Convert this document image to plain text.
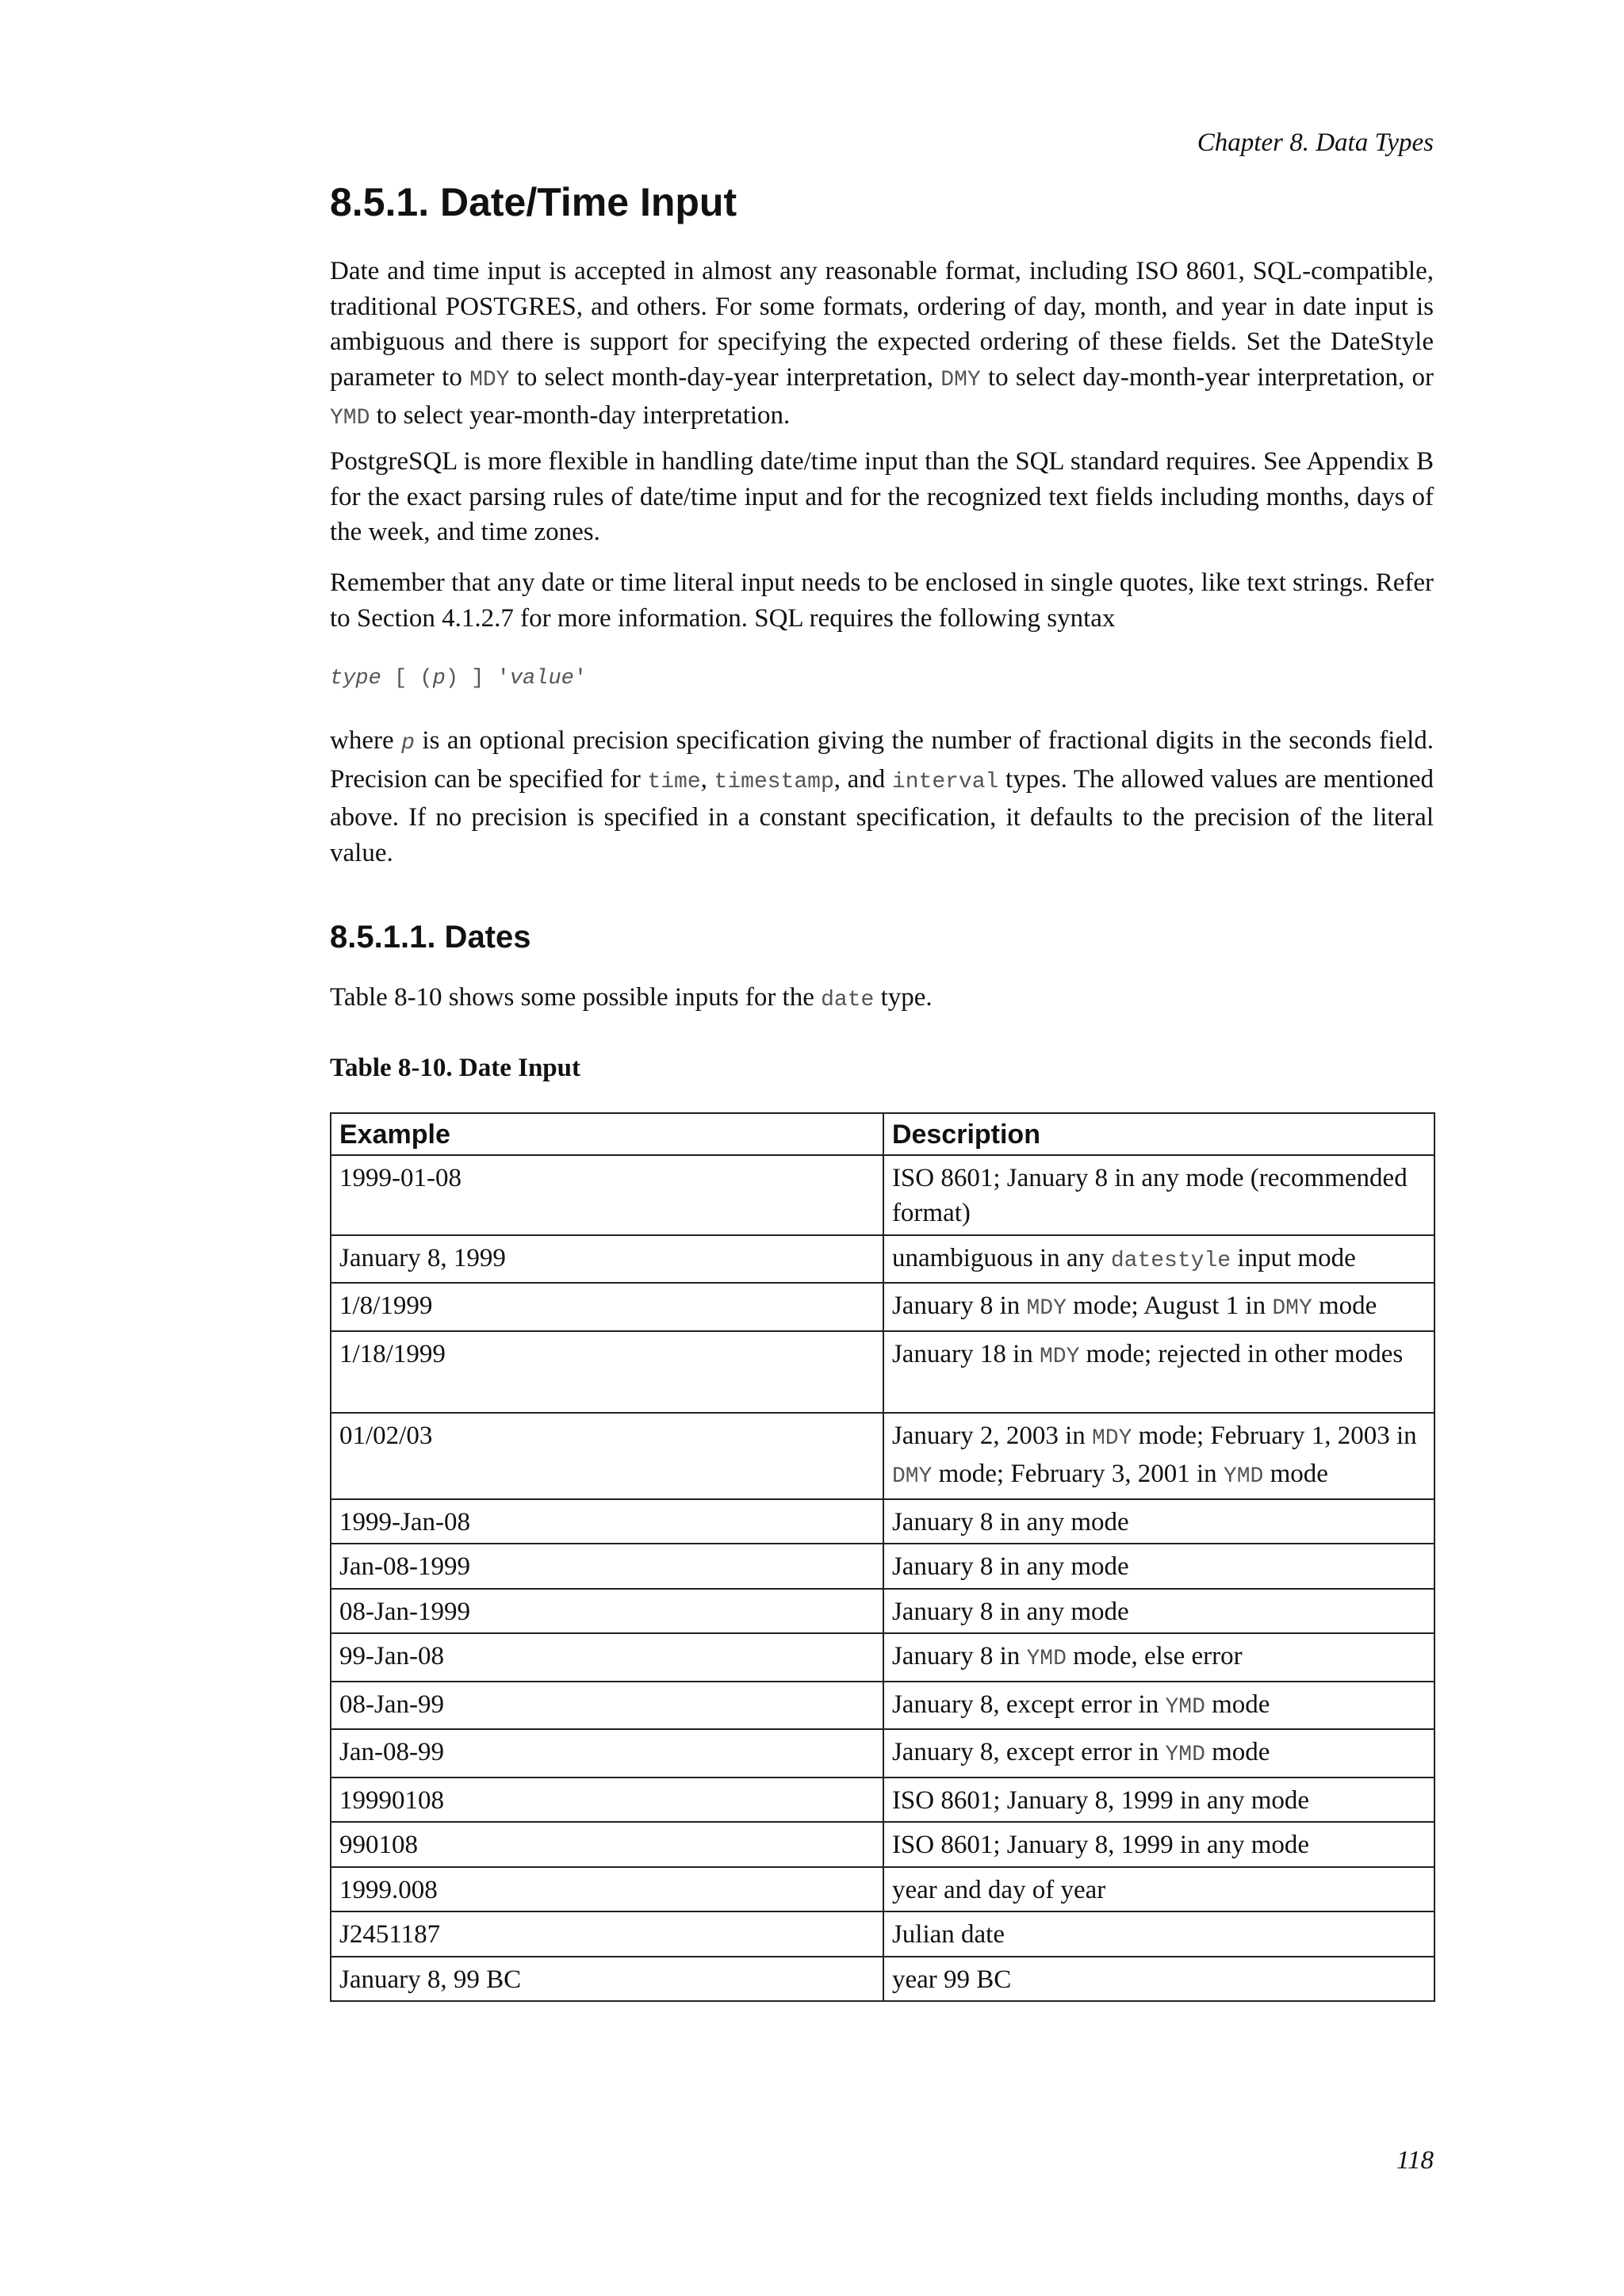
Chapter 8. Data Types
8.5.1. Date/Time Input

Date and time input is accepted in almost any reasonable format, including ISO 8601, SQL-compatible, traditional POSTGRES, and others. For some formats, ordering of day, month, and year in date input is ambiguous and there is support for specifying the expected ordering of these fields. Set the DateStyle parameter to MDY to select month-day-year interpretation, DMY to select day-month-year interpretation, or YMD to select year-month-day interpretation.

PostgreSQL is more flexible in handling date/time input than the SQL standard requires. See Appendix B for the exact parsing rules of date/time input and for the recognized text fields including months, days of the week, and time zones.

Remember that any date or time literal input needs to be enclosed in single quotes, like text strings. Refer to Section 4.1.2.7 for more information. SQL requires the following syntax

type [ (p) ] 'value'

where p is an optional precision specification giving the number of fractional digits in the seconds field. Precision can be specified for time, timestamp, and interval types. The allowed values are mentioned above. If no precision is specified in a constant specification, it defaults to the precision of the literal value.

8.5.1.1. Dates

Table 8-10 shows some possible inputs for the date type.

Table 8-10. Date Input

Example	Description
1999-01-08	ISO 8601; January 8 in any mode (recommended format)
January 8, 1999	unambiguous in any datestyle input mode
1/8/1999	January 8 in MDY mode; August 1 in DMY mode
1/18/1999	January 18 in MDY mode; rejected in other modes
01/02/03	January 2, 2003 in MDY mode; February 1, 2003 in DMY mode; February 3, 2001 in YMD mode
1999-Jan-08	January 8 in any mode
Jan-08-1999	January 8 in any mode
08-Jan-1999	January 8 in any mode
99-Jan-08	January 8 in YMD mode, else error
08-Jan-99	January 8, except error in YMD mode
Jan-08-99	January 8, except error in YMD mode
19990108	ISO 8601; January 8, 1999 in any mode
990108	ISO 8601; January 8, 1999 in any mode
1999.008	year and day of year
J2451187	Julian date
January 8, 99 BC	year 99 BC
118
